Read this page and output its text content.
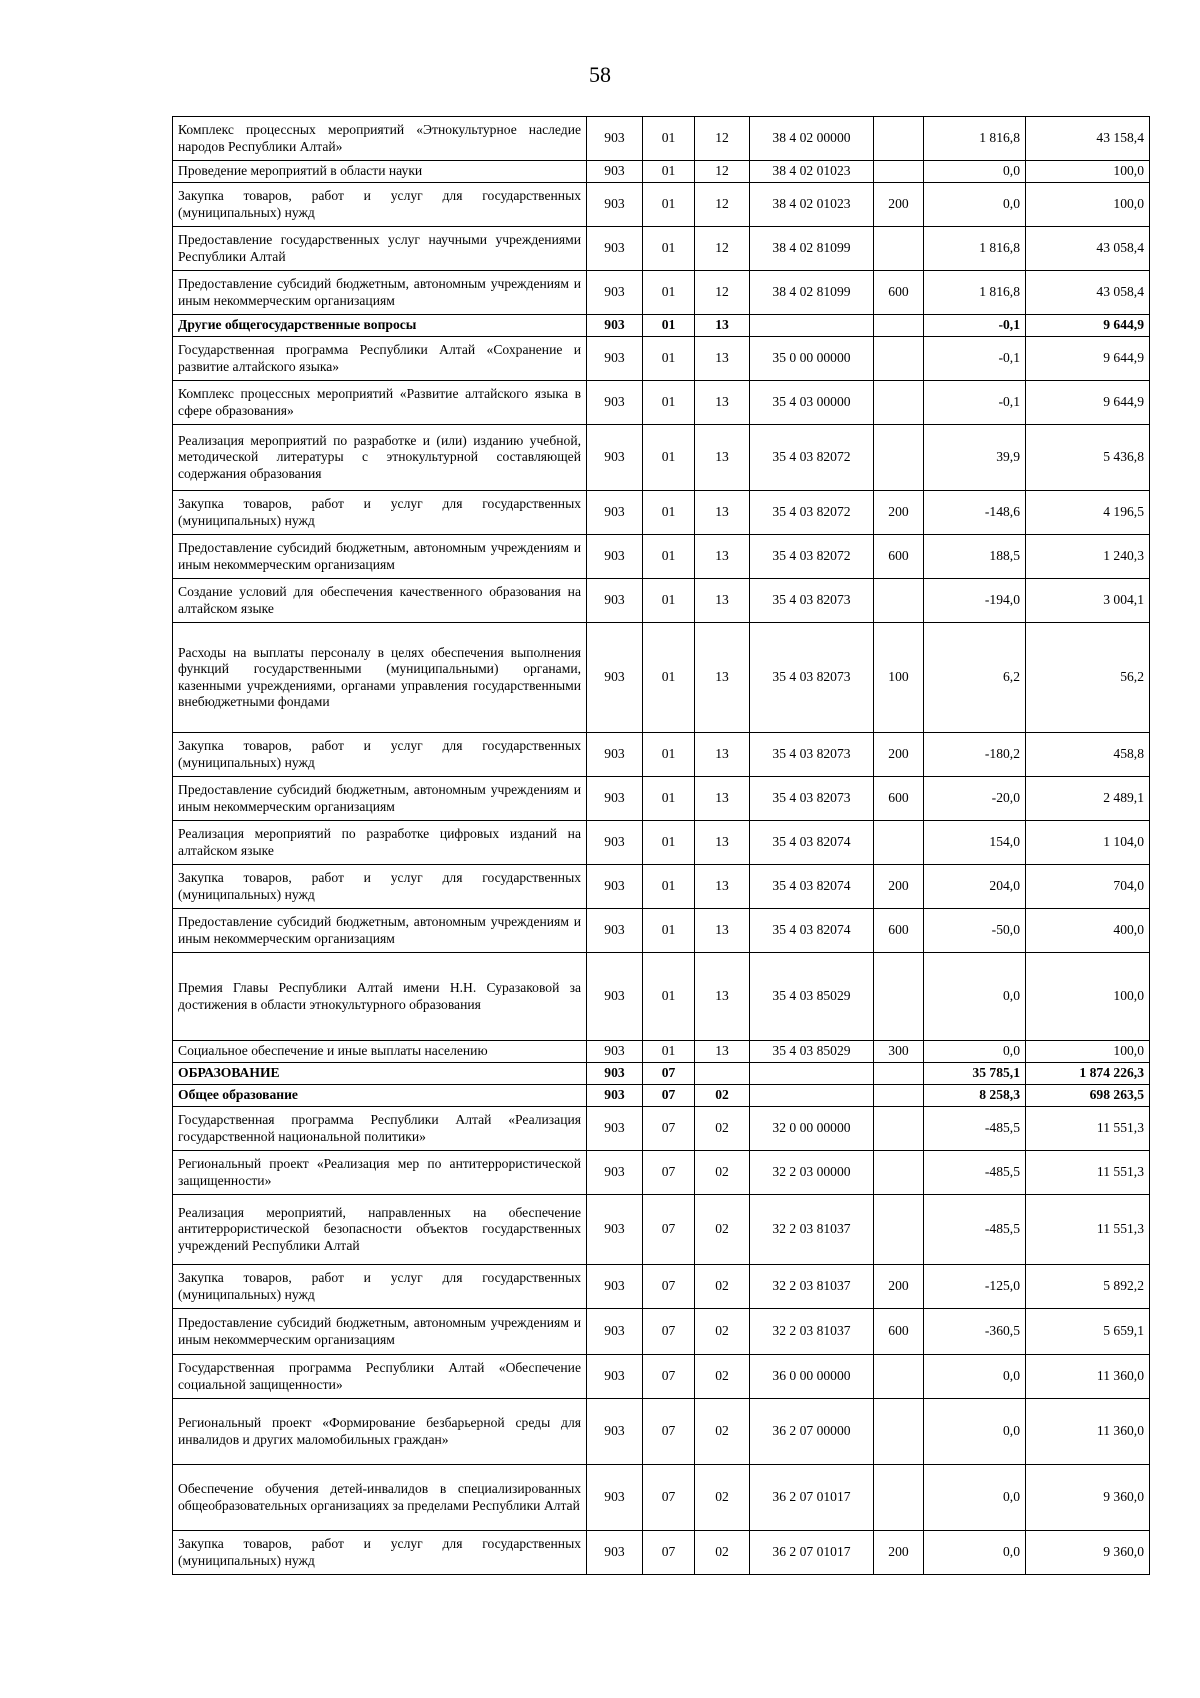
58
Комплекс процессных мероприятий «Этнокультурное наследие народов Республики Алтай»	903	01	12	38 4 02 00000		1 816,8	43 158,4
Проведение мероприятий в области науки	903	01	12	38 4 02 01023		0,0	100,0
Закупка товаров, работ и услуг для государственных (муниципальных) нужд	903	01	12	38 4 02 01023	200	0,0	100,0
Предоставление государственных услуг научными учреждениями Республики Алтай	903	01	12	38 4 02 81099		1 816,8	43 058,4
Предоставление субсидий бюджетным, автономным учреждениям и иным некоммерческим организациям	903	01	12	38 4 02 81099	600	1 816,8	43 058,4
Другие общегосударственные вопросы	903	01	13			-0,1	9 644,9
Государственная программа Республики Алтай «Сохранение и развитие алтайского языка»	903	01	13	35 0 00 00000		-0,1	9 644,9
Комплекс процессных мероприятий «Развитие алтайского языка в сфере образования»	903	01	13	35 4 03 00000		-0,1	9 644,9
Реализация мероприятий по разработке и (или) изданию учебной, методической литературы с этнокультурной составляющей содержания образования	903	01	13	35 4 03 82072		39,9	5 436,8
Закупка товаров, работ и услуг для государственных (муниципальных) нужд	903	01	13	35 4 03 82072	200	-148,6	4 196,5
Предоставление субсидий бюджетным, автономным учреждениям и иным некоммерческим организациям	903	01	13	35 4 03 82072	600	188,5	1 240,3
Создание условий для обеспечения качественного образования на алтайском языке	903	01	13	35 4 03 82073		-194,0	3 004,1
Расходы на выплаты персоналу в целях обеспечения выполнения функций государственными (муниципальными) органами, казенными учреждениями, органами управления государственными внебюджетными фондами	903	01	13	35 4 03 82073	100	6,2	56,2
Закупка товаров, работ и услуг для государственных (муниципальных) нужд	903	01	13	35 4 03 82073	200	-180,2	458,8
Предоставление субсидий бюджетным, автономным учреждениям и иным некоммерческим организациям	903	01	13	35 4 03 82073	600	-20,0	2 489,1
Реализация мероприятий по разработке цифровых изданий на алтайском языке	903	01	13	35 4 03 82074		154,0	1 104,0
Закупка товаров, работ и услуг для государственных (муниципальных) нужд	903	01	13	35 4 03 82074	200	204,0	704,0
Предоставление субсидий бюджетным, автономным учреждениям и иным некоммерческим организациям	903	01	13	35 4 03 82074	600	-50,0	400,0
Премия Главы Республики Алтай имени Н.Н. Суразаковой за достижения в области этнокультурного образования	903	01	13	35 4 03 85029		0,0	100,0
Социальное обеспечение и иные выплаты населению	903	01	13	35 4 03 85029	300	0,0	100,0
ОБРАЗОВАНИЕ	903	07				35 785,1	1 874 226,3
Общее образование	903	07	02			8 258,3	698 263,5
Государственная программа Республики Алтай «Реализация государственной национальной политики»	903	07	02	32 0 00 00000		-485,5	11 551,3
Региональный проект «Реализация мер по антитеррористической защищенности»	903	07	02	32 2 03 00000		-485,5	11 551,3
Реализация мероприятий, направленных на обеспечение антитеррористической безопасности объектов государственных учреждений Республики Алтай	903	07	02	32 2 03 81037		-485,5	11 551,3
Закупка товаров, работ и услуг для государственных (муниципальных) нужд	903	07	02	32 2 03 81037	200	-125,0	5 892,2
Предоставление субсидий бюджетным, автономным учреждениям и иным некоммерческим организациям	903	07	02	32 2 03 81037	600	-360,5	5 659,1
Государственная программа Республики Алтай «Обеспечение социальной защищенности»	903	07	02	36 0 00 00000		0,0	11 360,0
Региональный проект «Формирование безбарьерной среды для инвалидов и других маломобильных граждан»	903	07	02	36 2 07 00000		0,0	11 360,0
Обеспечение обучения детей-инвалидов в специализированных общеобразовательных организациях за пределами Республики Алтай	903	07	02	36 2 07 01017		0,0	9 360,0
Закупка товаров, работ и услуг для государственных (муниципальных) нужд	903	07	02	36 2 07 01017	200	0,0	9 360,0
